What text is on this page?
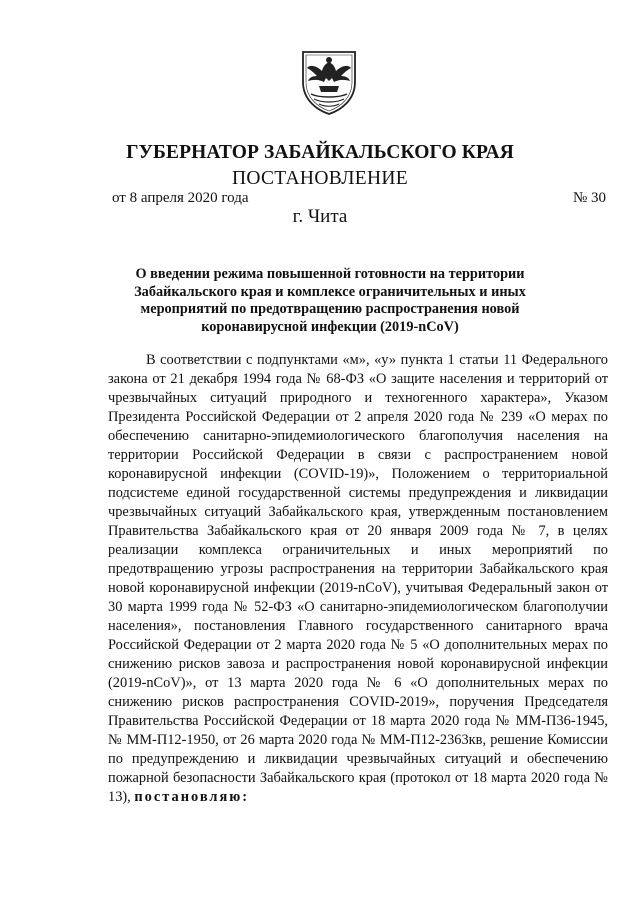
ГУБЕРНАТОР ЗАБАЙКАЛЬСКОГО КРАЯ
ПОСТАНОВЛЕНИЕ
от 8 апреля 2020 года	№ 30
г. Чита
О введении режима повышенной готовности на территории Забайкальского края и комплексе ограничительных и иных мероприятий по предотвращению распространения новой коронавирусной инфекции (2019-nCoV)

В соответствии с подпунктами «м», «у» пункта 1 статьи 11 Федерального закона от 21 декабря 1994 года № 68-ФЗ «О защите населения и территорий от чрезвычайных ситуаций природного и техногенного характера», Указом Президента Российской Федерации от 2 апреля 2020 года № 239 «О мерах по обеспечению санитарно-эпидемиологического благополучия населения на территории Российской Федерации в связи с распространением новой коронавирусной инфекции (COVID-19)», Положением о территориальной подсистеме единой государственной системы предупреждения и ликвидации чрезвычайных ситуаций Забайкальского края, утвержденным постановлением Правительства Забайкальского края от 20 января 2009 года № 7, в целях реализации комплекса ограничительных и иных мероприятий по предотвращению угрозы распространения на территории Забайкальского края новой коронавирусной инфекции (2019-nCoV), учитывая Федеральный закон от 30 марта 1999 года № 52-ФЗ «О санитарно-эпидемиологическом благополучии населения», постановления Главного государственного санитарного врача Российской Федерации от 2 марта 2020 года № 5 «О дополнительных мерах по снижению рисков завоза и распространения новой коронавирусной инфекции (2019-nCoV)», от 13 марта 2020 года № 6 «О дополнительных мерах по снижению рисков распространения COVID-2019», поручения Председателя Правительства Российской Федерации от 18 марта 2020 года № ММ-П36-1945, № ММ-П12-1950, от 26 марта 2020 года № ММ-П12-2363кв, решение Комиссии по предупреждению и ликвидации чрезвычайных ситуаций и обеспечению пожарной безопасности Забайкальского края (протокол от 18 марта 2020 года № 13), постановляю:
